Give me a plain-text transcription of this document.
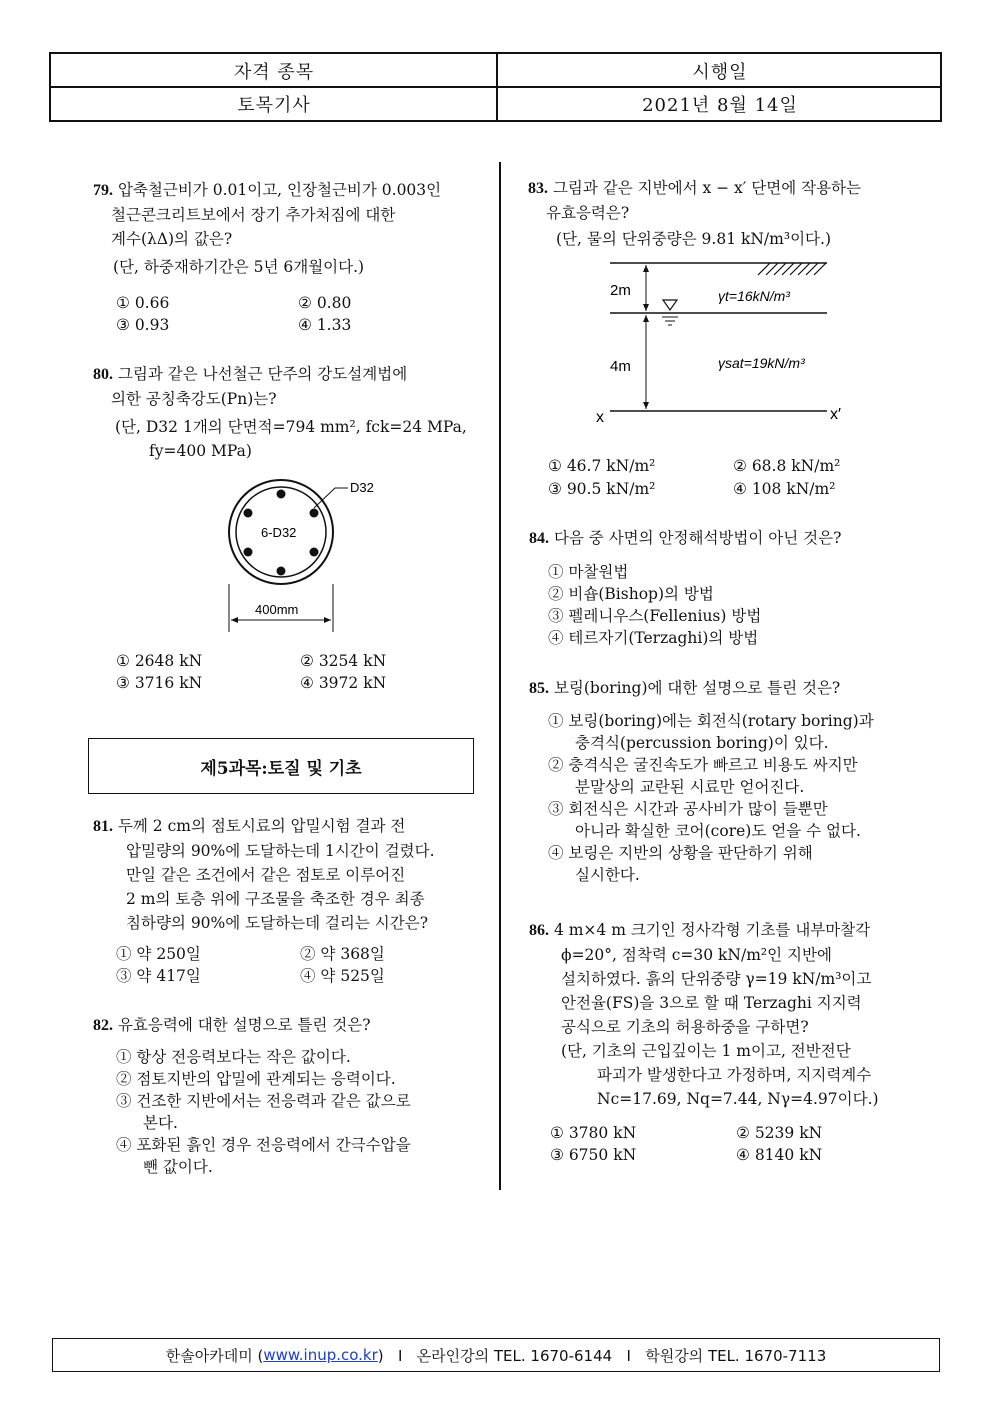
자격 종목	시행일
토목기사	2021년 8월 14일
79. 압축철근비가 0.01이고, 인장철근비가 0.003인
철근콘크리트보에서 장기 추가처짐에 대한
계수(λΔ)의 값은?
(단, 하중재하기간은 5년 6개월이다.)
① 0.66	② 0.80
③ 0.93	④ 1.33
80. 그림과 같은 나선철근 단주의 강도설계법에
의한 공칭축강도(Pn)는?
(단, D32 1개의 단면적=794 mm², fck=24 MPa,
fy=400 MPa)
D32
6-D32
400mm
① 2648 kN	② 3254 kN
③ 3716 kN	④ 3972 kN
제5과목:토질 및 기초
81. 두께 2 cm의 점토시료의 압밀시험 결과 전
압밀량의 90%에 도달하는데 1시간이 걸렸다.
만일 같은 조건에서 같은 점토로 이루어진
2 m의 토층 위에 구조물을 축조한 경우 최종
침하량의 90%에 도달하는데 걸리는 시간은?
① 약 250일	② 약 368일
③ 약 417일	④ 약 525일
82. 유효응력에 대한 설명으로 틀린 것은?
① 항상 전응력보다는 작은 값이다.
② 점토지반의 압밀에 관계되는 응력이다.
③ 건조한 지반에서는 전응력과 같은 값으로
본다.
④ 포화된 흙인 경우 전응력에서 간극수압을
뺀 값이다.
83. 그림과 같은 지반에서 x − x′ 단면에 작용하는
유효응력은?
(단, 물의 단위중량은 9.81 kN/m³이다.)
2m
4m
γt=16kN/m³
γsat=19kN/m³
x	x′
① 46.7 kN/m²	② 68.8 kN/m²
③ 90.5 kN/m²	④ 108 kN/m²
84. 다음 중 사면의 안정해석방법이 아닌 것은?
① 마찰원법
② 비숍(Bishop)의 방법
③ 펠레니우스(Fellenius) 방법
④ 테르자기(Terzaghi)의 방법
85. 보링(boring)에 대한 설명으로 틀린 것은?
① 보링(boring)에는 회전식(rotary boring)과
충격식(percussion boring)이 있다.
② 충격식은 굴진속도가 빠르고 비용도 싸지만
분말상의 교란된 시료만 얻어진다.
③ 회전식은 시간과 공사비가 많이 들뿐만
아니라 확실한 코어(core)도 얻을 수 없다.
④ 보링은 지반의 상황을 판단하기 위해
실시한다.
86. 4 m×4 m 크기인 정사각형 기초를 내부마찰각
ϕ=20°, 점착력 c=30 kN/m²인 지반에
설치하였다. 흙의 단위중량 γ=19 kN/m³이고
안전율(FS)을 3으로 할 때 Terzaghi 지지력
공식으로 기초의 허용하중을 구하면?
(단, 기초의 근입깊이는 1 m이고, 전반전단
파괴가 발생한다고 가정하며, 지지력계수
Nc=17.69, Nq=7.44, Nγ=4.97이다.)
① 3780 kN	② 5239 kN
③ 6750 kN	④ 8140 kN
한솔아카데미 ( www.inup.co.kr )   I   온라인강의 TEL. 1670-6144   I   학원강의 TEL. 1670-7113
